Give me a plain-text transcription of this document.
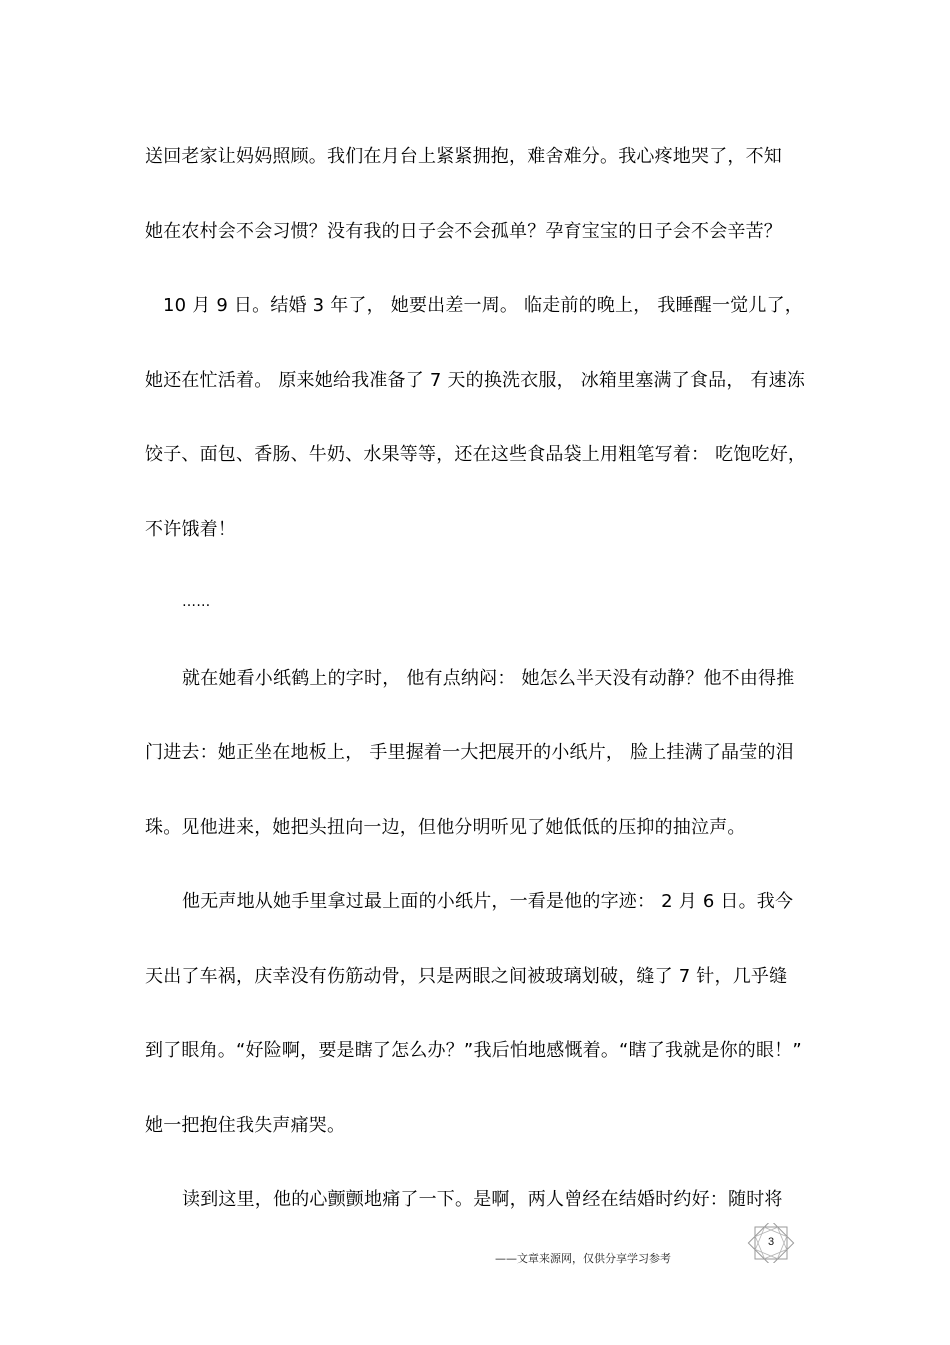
送回老家让妈妈照顾。我们在月台上紧紧拥抱，难舍难分。我心疼地哭了，不知
她在农村会不会习惯？没有我的日子会不会孤单？孕育宝宝的日子会不会辛苦？
10 月 9 日。结婚 3 年了， 她要出差一周。 临走前的晚上， 我睡醒一觉儿了，
她还在忙活着。 原来她给我准备了 7 天的换洗衣服， 冰箱里塞满了食品， 有速冻
饺子、面包、香肠、牛奶、水果等等，还在这些食品袋上用粗笔写着： 吃饱吃好，
不许饿着！
……
就在她看小纸鹤上的字时， 他有点纳闷： 她怎么半天没有动静？他不由得推
门进去：她正坐在地板上， 手里握着一大把展开的小纸片， 脸上挂满了晶莹的泪
珠。见他进来，她把头扭向一边，但他分明听见了她低低的压抑的抽泣声。
他无声地从她手里拿过最上面的小纸片，一看是他的字迹： 2 月 6 日。我今
天出了车祸，庆幸没有伤筋动骨，只是两眼之间被玻璃划破，缝了 7 针，几乎缝
到了眼角。“好险啊，要是瞎了怎么办？”我后怕地感慨着。“瞎了我就是你的眼！”
她一把抱住我失声痛哭。
读到这里，他的心颤颤地痛了一下。是啊，两人曾经在结婚时约好：随时将
——文章来源网，仅供分享学习参考
3
